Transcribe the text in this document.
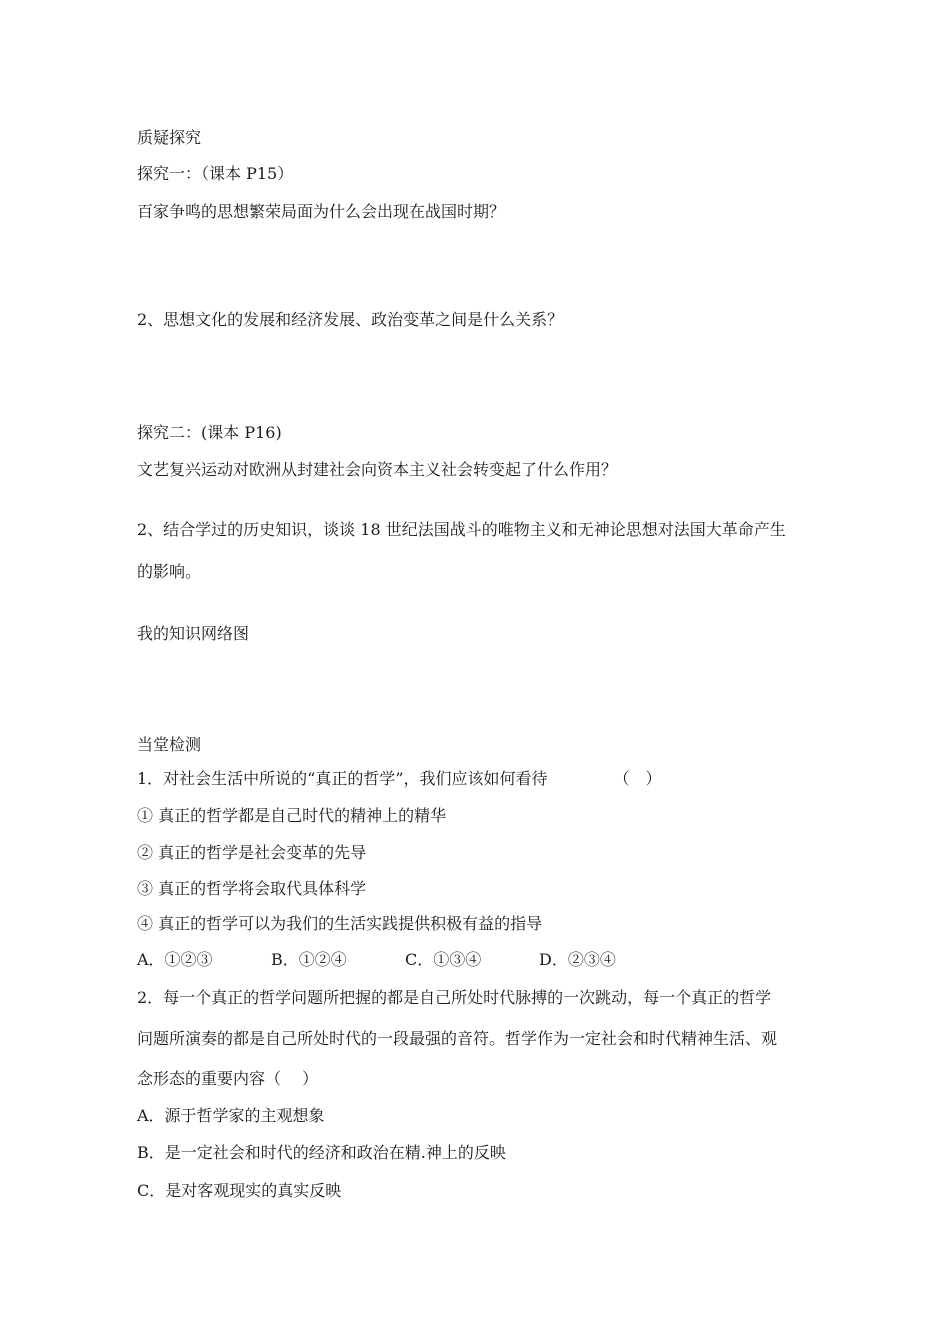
质疑探究
探究一：（课本 P15）
百家争鸣的思想繁荣局面为什么会出现在战国时期？
2、思想文化的发展和经济发展、政治变革之间是什么关系？
探究二：(课本 P16)
文艺复兴运动对欧洲从封建社会向资本主义社会转变起了什么作用？
2、结合学过的历史知识，谈谈 18 世纪法国战斗的唯物主义和无神论思想对法国大革命产生
的影响。
我的知识网络图
当堂检测
1．对社会生活中所说的“真正的哲学”，我们应该如何看待	（　）
① 真正的哲学都是自己时代的精神上的精华
② 真正的哲学是社会变革的先导
③ 真正的哲学将会取代具体科学
④ 真正的哲学可以为我们的生活实践提供积极有益的指导
A．①②③	B．①②④	C．①③④	D．②③④
2．每一个真正的哲学问题所把握的都是自己所处时代脉搏的一次跳动，每一个真正的哲学
问题所演奏的都是自己所处时代的一段最强的音符。哲学作为一定社会和时代精神生活、观
念形态的重要内容（　 ）
A．源于哲学家的主观想象
B．是一定社会和时代的经济和政治在精.神上的反映
C．是对客观现实的真实反映
